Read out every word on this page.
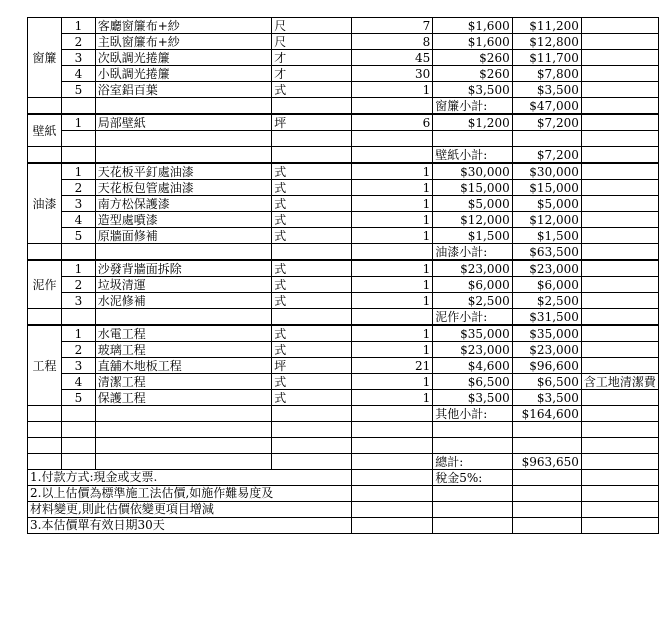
窗簾	1	客廳窗簾布+紗	尺	7	$1,600	$11,200	
	2	主臥窗簾布+紗	尺	8	$1,600	$12,800	
	3	次臥調光捲簾	才	45	$260	$11,700	
	4	小臥調光捲簾	才	30	$260	$7,800	
	5	浴室鋁百葉	式	1	$3,500	$3,500	
					窗簾小計:	$47,000	
壁紙	1	局部壁紙	坪	6	$1,200	$7,200	

					壁紙小計:	$7,200	
油漆	1	天花板平釘處油漆	式	1	$30,000	$30,000	
	2	天花板包管處油漆	式	1	$15,000	$15,000	
	3	南方松保護漆	式	1	$5,000	$5,000	
	4	造型處噴漆	式	1	$12,000	$12,000	
	5	原牆面修補	式	1	$1,500	$1,500	
					油漆小計:	$63,500	
泥作	1	沙發背牆面拆除	式	1	$23,000	$23,000	
	2	垃圾清運	式	1	$6,000	$6,000	
	3	水泥修補	式	1	$2,500	$2,500	
					泥作小計:	$31,500	
工程	1	水電工程	式	1	$35,000	$35,000	
	2	玻璃工程	式	1	$23,000	$23,000	
	3	直舖木地板工程	坪	21	$4,600	$96,600	
	4	清潔工程	式	1	$6,500	$6,500	含工地清潔費
	5	保護工程	式	1	$3,500	$3,500	
					其他小計:	$164,600	

					總計:	$963,650	

1.付款方式:現金或支票.					稅金5%:		

2.以上估價為標準施工法估價,如施作難易度及							

材料變更,則此估價依變更項目增減							

3.本估價單有效日期30天							
